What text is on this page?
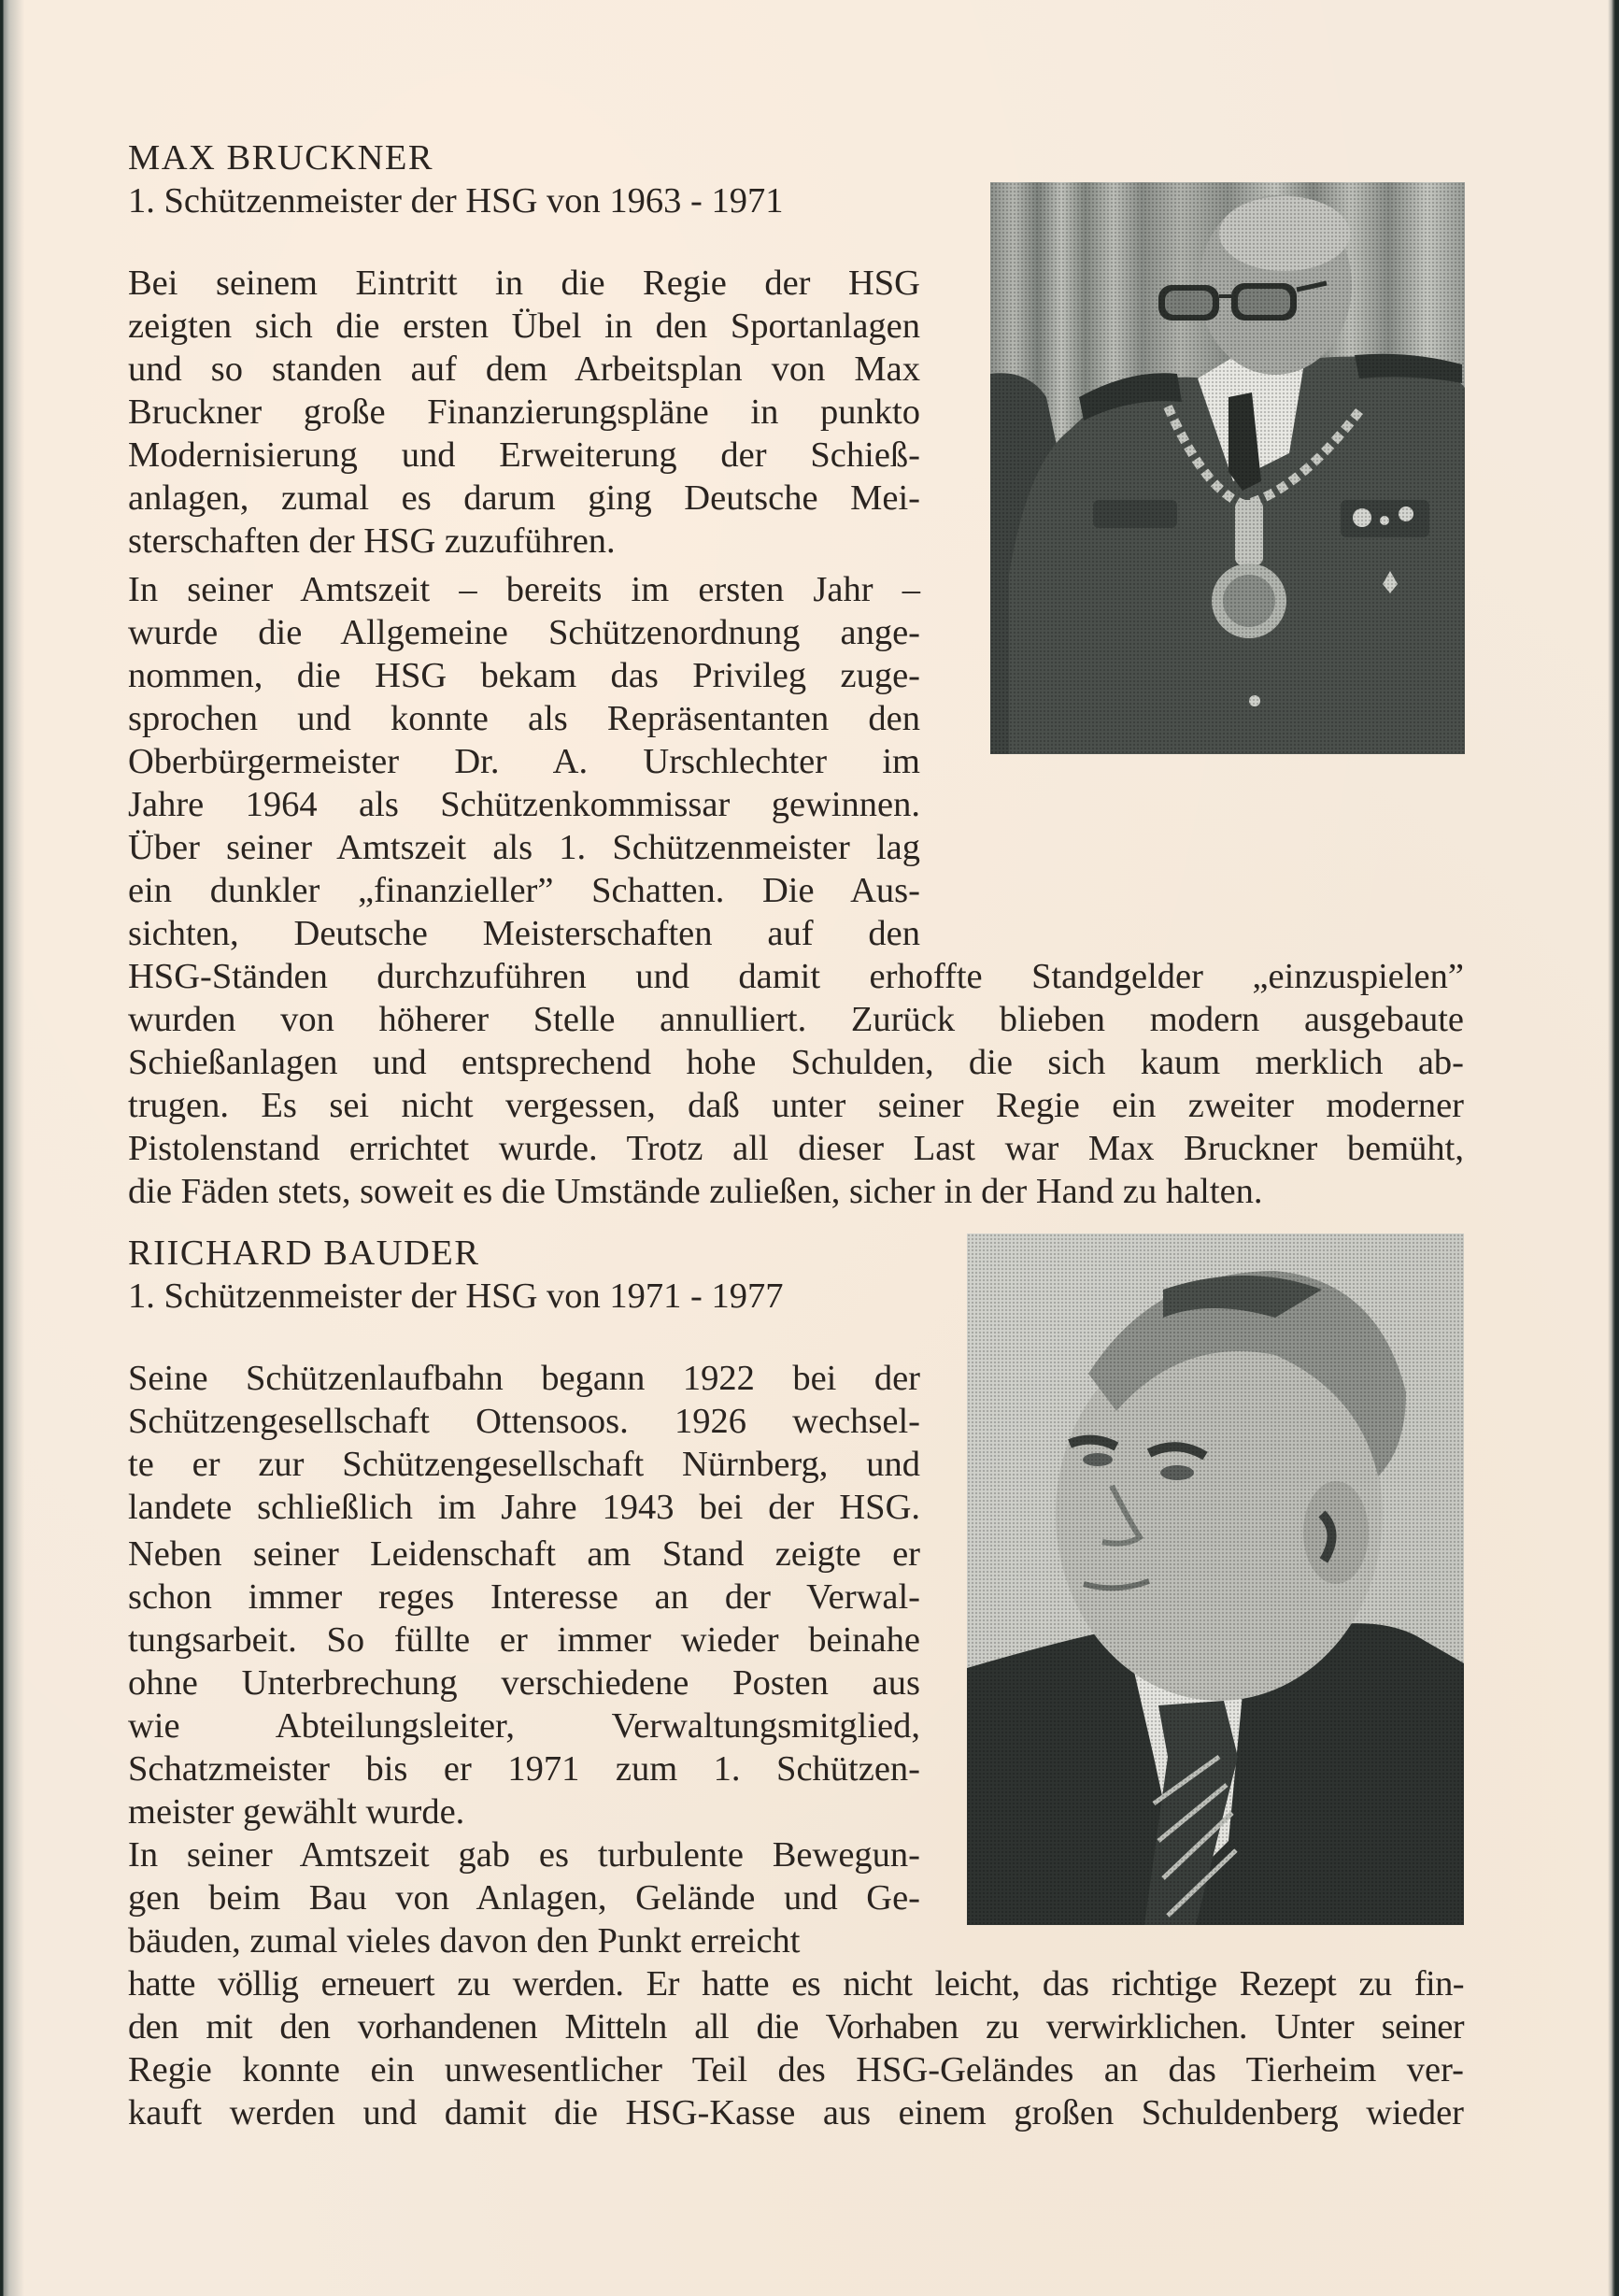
MAX BRUCKNER
1. Schützenmeister der HSG von 1963 - 1971
Bei seinem Eintritt in die Regie der HSG
zeigten sich die ersten Übel in den Sportanlagen
und so standen auf dem Arbeitsplan von Max
Bruckner große Finanzierungspläne in punkto
Modernisierung und Erweiterung der Schieß-
anlagen, zumal es darum ging Deutsche Mei-
sterschaften der HSG zuzuführen.
In seiner Amtszeit – bereits im ersten Jahr –
wurde die Allgemeine Schützenordnung ange-
nommen, die HSG bekam das Privileg zuge-
sprochen und konnte als Repräsentanten den
Oberbürgermeister Dr. A. Urschlechter im
Jahre 1964 als Schützenkommissar gewinnen.
Über seiner Amtszeit als 1. Schützenmeister lag
ein dunkler „finanzieller” Schatten. Die Aus-
sichten, Deutsche Meisterschaften auf den
HSG-Ständen durchzuführen und damit erhoffte Standgelder „einzuspielen”
wurden von höherer Stelle annulliert. Zurück blieben modern ausgebaute
Schießanlagen und entsprechend hohe Schulden, die sich kaum merklich ab-
trugen. Es sei nicht vergessen, daß unter seiner Regie ein zweiter moderner
Pistolenstand errichtet wurde. Trotz all dieser Last war Max Bruckner bemüht,
die Fäden stets, soweit es die Umstände zuließen, sicher in der Hand zu halten.
RIICHARD BAUDER
1. Schützenmeister der HSG von 1971 - 1977
Seine Schützenlaufbahn begann 1922 bei der
Schützengesellschaft Ottensoos. 1926 wechsel-
te er zur Schützengesellschaft Nürnberg, und
landete schließlich im Jahre 1943 bei der HSG.
Neben seiner Leidenschaft am Stand zeigte er
schon immer reges Interesse an der Verwal-
tungsarbeit. So füllte er immer wieder beinahe
ohne Unterbrechung verschiedene Posten aus
wie Abteilungsleiter, Verwaltungsmitglied,
Schatzmeister bis er 1971 zum 1. Schützen-
meister gewählt wurde.
In seiner Amtszeit gab es turbulente Bewegun-
gen beim Bau von Anlagen, Gelände und Ge-
bäuden, zumal vieles davon den Punkt erreicht
hatte völlig erneuert zu werden. Er hatte es nicht leicht, das richtige Rezept zu fin-
den mit den vorhandenen Mitteln all die Vorhaben zu verwirklichen. Unter seiner
Regie konnte ein unwesentlicher Teil des HSG-Geländes an das Tierheim ver-
kauft werden und damit die HSG-Kasse aus einem großen Schuldenberg wieder
